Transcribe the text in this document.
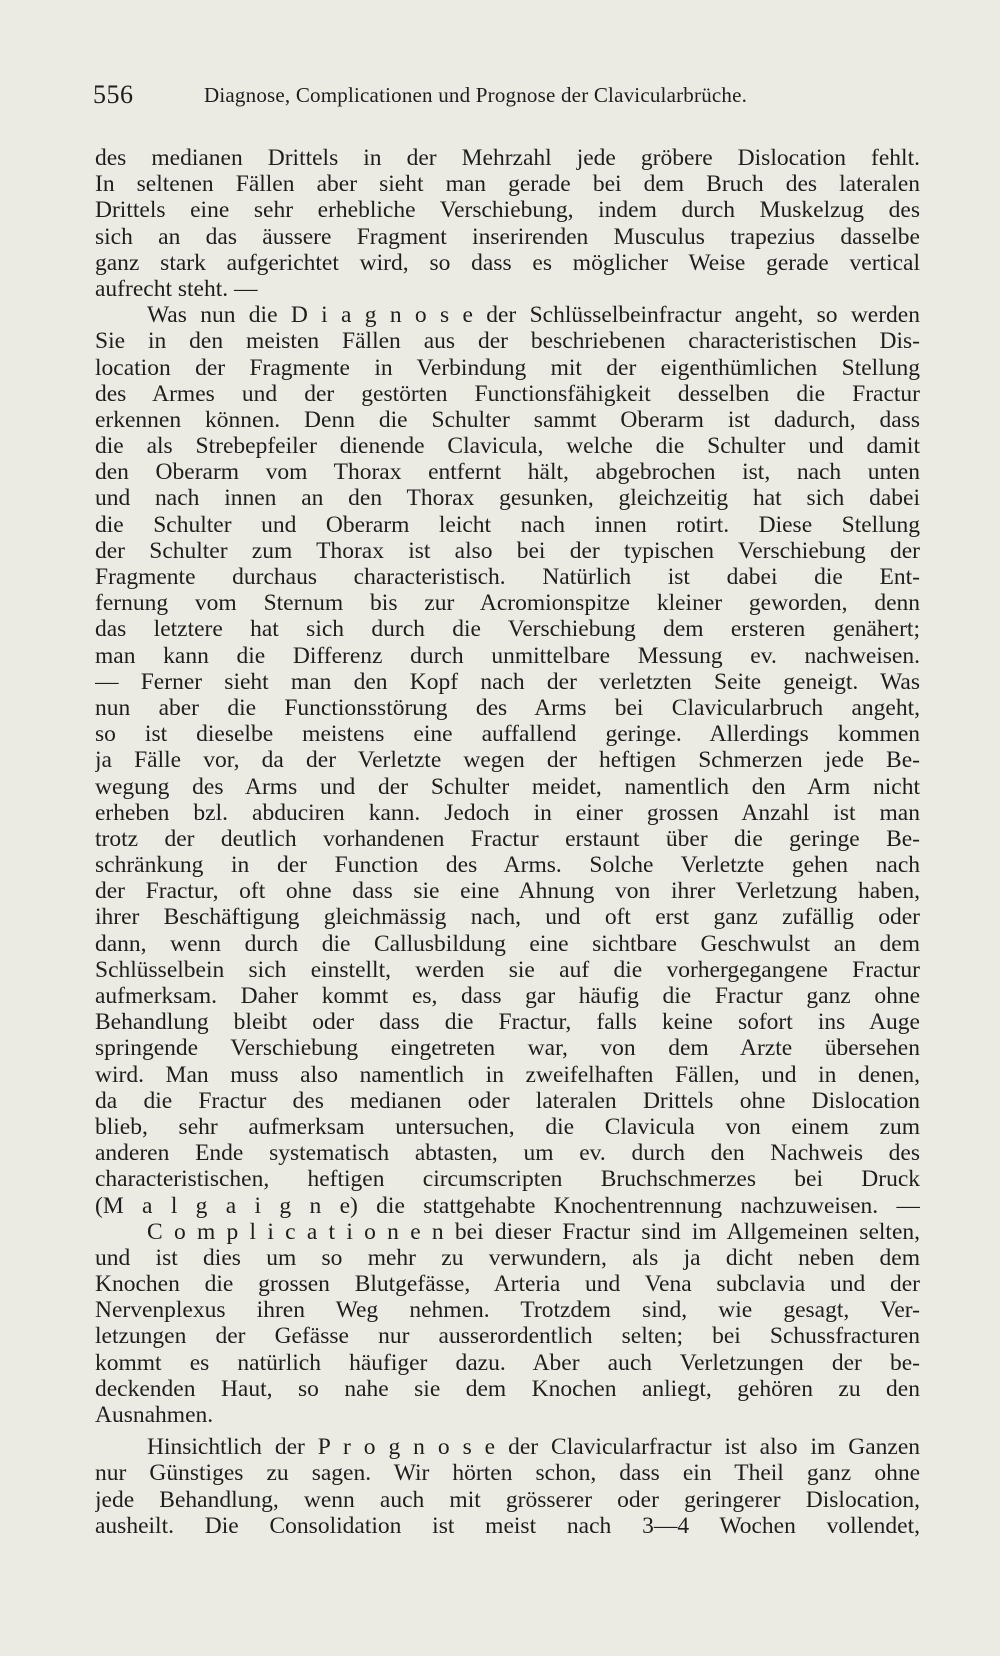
556	Diagnose, Complicationen und Prognose der Clavicularbrüche.
des medianen Drittels in der Mehrzahl jede gröbere Dislocation fehlt.
In seltenen Fällen aber sieht man gerade bei dem Bruch des lateralen
Drittels eine sehr erhebliche Verschiebung, indem durch Muskelzug des
sich an das äussere Fragment inserirenden Musculus trapezius dasselbe
ganz stark aufgerichtet wird, so dass es möglicher Weise gerade vertical
aufrecht steht. —
Was nun die D i a g n o s e der Schlüsselbeinfractur angeht, so werden
Sie in den meisten Fällen aus der beschriebenen characteristischen Dis-
location der Fragmente in Verbindung mit der eigenthümlichen Stellung
des Armes und der gestörten Functionsfähigkeit desselben die Fractur
erkennen können. Denn die Schulter sammt Oberarm ist dadurch, dass
die als Strebepfeiler dienende Clavicula, welche die Schulter und damit
den Oberarm vom Thorax entfernt hält, abgebrochen ist, nach unten
und nach innen an den Thorax gesunken, gleichzeitig hat sich dabei
die Schulter und Oberarm leicht nach innen rotirt. Diese Stellung
der Schulter zum Thorax ist also bei der typischen Verschiebung der
Fragmente durchaus characteristisch. Natürlich ist dabei die Ent-
fernung vom Sternum bis zur Acromionspitze kleiner geworden, denn
das letztere hat sich durch die Verschiebung dem ersteren genähert;
man kann die Differenz durch unmittelbare Messung ev. nachweisen.
— Ferner sieht man den Kopf nach der verletzten Seite geneigt. Was
nun aber die Functionsstörung des Arms bei Clavicularbruch angeht,
so ist dieselbe meistens eine auffallend geringe. Allerdings kommen
ja Fälle vor, da der Verletzte wegen der heftigen Schmerzen jede Be-
wegung des Arms und der Schulter meidet, namentlich den Arm nicht
erheben bzl. abduciren kann. Jedoch in einer grossen Anzahl ist man
trotz der deutlich vorhandenen Fractur erstaunt über die geringe Be-
schränkung in der Function des Arms. Solche Verletzte gehen nach
der Fractur, oft ohne dass sie eine Ahnung von ihrer Verletzung haben,
ihrer Beschäftigung gleichmässig nach, und oft erst ganz zufällig oder
dann, wenn durch die Callusbildung eine sichtbare Geschwulst an dem
Schlüsselbein sich einstellt, werden sie auf die vorhergegangene Fractur
aufmerksam. Daher kommt es, dass gar häufig die Fractur ganz ohne
Behandlung bleibt oder dass die Fractur, falls keine sofort ins Auge
springende Verschiebung eingetreten war, von dem Arzte übersehen
wird. Man muss also namentlich in zweifelhaften Fällen, und in denen,
da die Fractur des medianen oder lateralen Drittels ohne Dislocation
blieb, sehr aufmerksam untersuchen, die Clavicula von einem zum
anderen Ende systematisch abtasten, um ev. durch den Nachweis des
characteristischen, heftigen circumscripten Bruchschmerzes bei Druck
(M a l g a i g n e) die stattgehabte Knochentrennung nachzuweisen. —
C o m p l i c a t i o n e n bei dieser Fractur sind im Allgemeinen selten,
und ist dies um so mehr zu verwundern, als ja dicht neben dem
Knochen die grossen Blutgefässe, Arteria und Vena subclavia und der
Nervenplexus ihren Weg nehmen. Trotzdem sind, wie gesagt, Ver-
letzungen der Gefässe nur ausserordentlich selten; bei Schussfracturen
kommt es natürlich häufiger dazu. Aber auch Verletzungen der be-
deckenden Haut, so nahe sie dem Knochen anliegt, gehören zu den
Ausnahmen.
Hinsichtlich der P r o g n o s e der Clavicularfractur ist also im Ganzen
nur Günstiges zu sagen. Wir hörten schon, dass ein Theil ganz ohne
jede Behandlung, wenn auch mit grösserer oder geringerer Dislocation,
ausheilt. Die Consolidation ist meist nach 3—4 Wochen vollendet,
